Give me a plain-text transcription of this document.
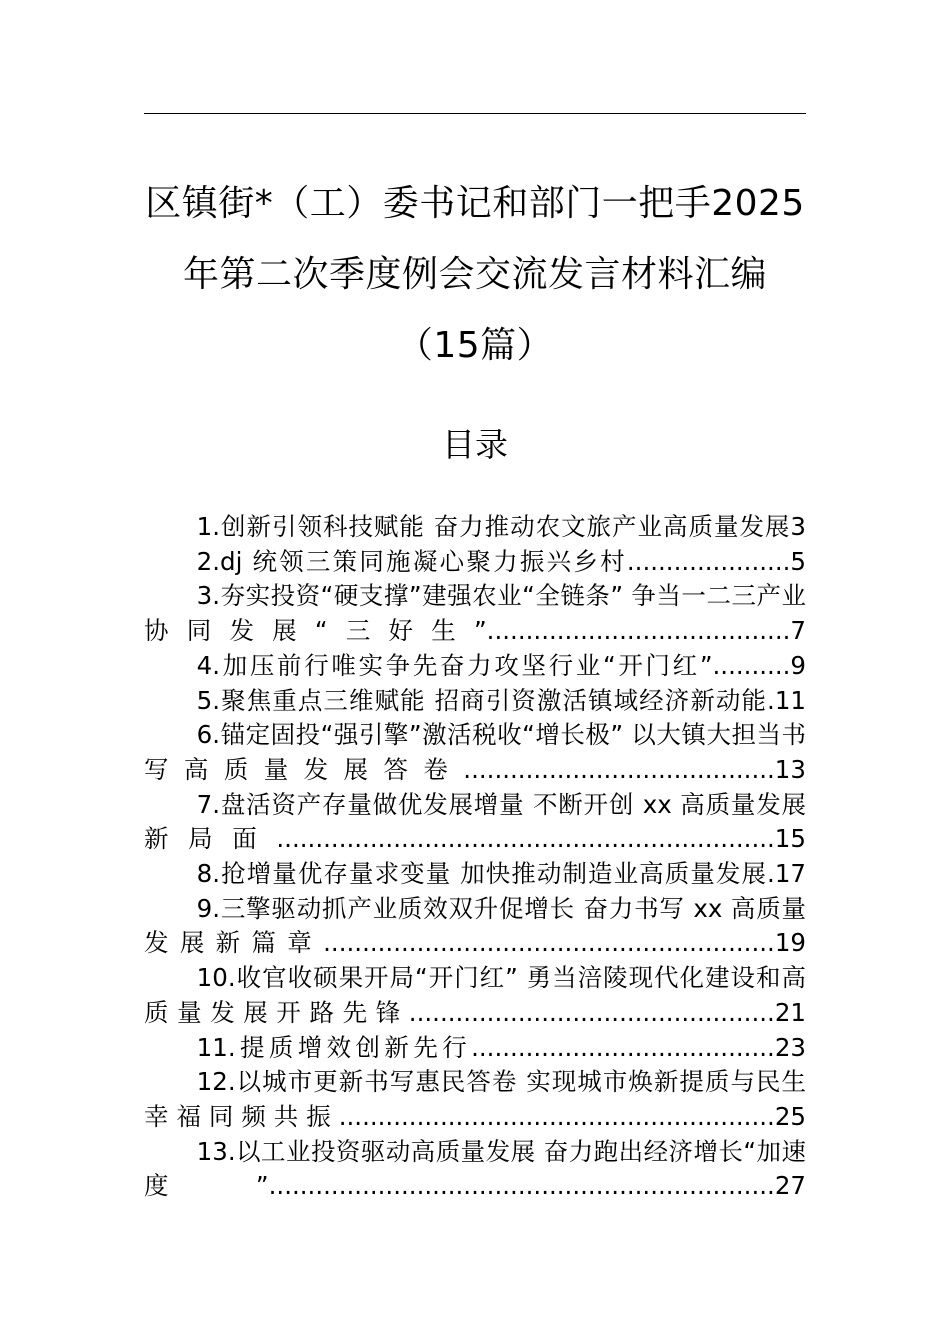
区镇街*（工）委书记和部门一把手2025年第二次季度例会交流发言材料汇编（15篇）
目录
1.创新引领科技赋能 奋力推动农文旅产业高质量发展3
2.dj 统领三策同施凝心聚力振兴乡村.....................5
3.夯实投资“硬支撑”建强农业“全链条” 争当一二三产业协同发展“三好生”.......................................7
4.加压前行唯实争先奋力攻坚行业“开门红”..........9
5.聚焦重点三维赋能 招商引资激活镇域经济新动能.11
6.锚定固投“强引擎”激活税收“增长极” 以大镇大担当书写高质量发展答卷........................................13
7.盘活资产存量做优发展增量 不断开创 xx 高质量发展新局面................................................................15
8.抢增量优存量求变量 加快推动制造业高质量发展.17
9.三擎驱动抓产业质效双升促增长 奋力书写 xx 高质量发展新篇章..........................................................19
10.收官收硕果开局“开门红” 勇当涪陵现代化建设和高质量发展开路先锋...............................................21
11.提质增效创新先行.......................................23
12.以城市更新书写惠民答卷 实现城市焕新提质与民生幸福同频共振........................................................25
13.以工业投资驱动高质量发展 奋力跑出经济增长“加速度”.................................................................27
